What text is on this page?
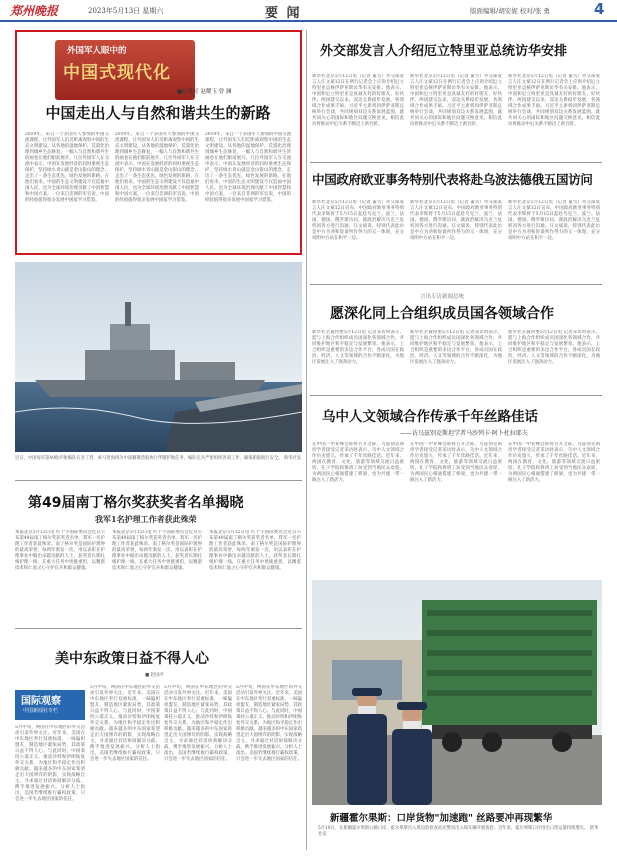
郑州晚报	2023年5月13日 星期六	要 闻	版面编辑/胡安妮 校对/张 勇	4
外国军人眼中的
中国式现代化
■赵豪亮 赵耀玉 曾 澜
中国走出人与自然和谐共生的新路
2019年，来自一个多国军人参加的中国交流课程，让外国军人们近距离观察中国的生态文明建设。从各地的湿地保护、荒漠化治理到城乡生态修复，一幅人与自然和谐共生的画卷在他们眼前展开。几位外国军人在交流中表示，中国在发展经济的同时重视生态保护，坚持绿水青山就是金山银山的理念，走出了一条生态优先、绿色发展的新路。在他们看来，中国的生态文明建设不仅造福中国人民，也为全球环境治理贡献了中国智慧和中国方案。一位来自非洲的军官说，中国的经验值得很多发展中国家学习借鉴。
2019年，来自一个多国军人参加的中国交流课程，让外国军人们近距离观察中国的生态文明建设。从各地的湿地保护、荒漠化治理到城乡生态修复，一幅人与自然和谐共生的画卷在他们眼前展开。几位外国军人在交流中表示，中国在发展经济的同时重视生态保护，坚持绿水青山就是金山银山的理念，走出了一条生态优先、绿色发展的新路。在他们看来，中国的生态文明建设不仅造福中国人民，也为全球环境治理贡献了中国智慧和中国方案。一位来自非洲的军官说，中国的经验值得很多发展中国家学习借鉴。
2019年，来自一个多国军人参加的中国交流课程，让外国军人们近距离观察中国的生态文明建设。从各地的湿地保护、荒漠化治理到城乡生态修复，一幅人与自然和谐共生的画卷在他们眼前展开。几位外国军人在交流中表示，中国在发展经济的同时重视生态保护，坚持绿水青山就是金山银山的理念，走出了一条生态优先、绿色发展的新路。在他们看来，中国的生态文明建设不仅造福中国人民，也为全球环境治理贡献了中国智慧和中国方案。一位来自非洲的军官说，中国的经验值得很多发展中国家学习借鉴。
外交部发言人介绍厄立特里亚总统访华安排
新华社北京5月12日电（记者 董雪）外交部发言人汪文斌12日在例行记者会上应询介绍厄立特里亚总统伊萨亚斯访华有关安排。他表示，中国和厄立特里亚是真诚友好的好朋友、好伙伴。两国建交以来，双边关系稳步发展，各领域合作成果丰硕。习近平主席将同伊萨亚斯总统举行会谈，共同规划双边关系发展蓝图，就共同关心的国际和地区问题交换意见。相信此访将推动中厄关系不断迈上新台阶。
新华社北京5月12日电（记者 董雪）外交部发言人汪文斌12日在例行记者会上应询介绍厄立特里亚总统伊萨亚斯访华有关安排。他表示，中国和厄立特里亚是真诚友好的好朋友、好伙伴。两国建交以来，双边关系稳步发展，各领域合作成果丰硕。习近平主席将同伊萨亚斯总统举行会谈，共同规划双边关系发展蓝图，就共同关心的国际和地区问题交换意见。相信此访将推动中厄关系不断迈上新台阶。
新华社北京5月12日电（记者 董雪）外交部发言人汪文斌12日在例行记者会上应询介绍厄立特里亚总统伊萨亚斯访华有关安排。他表示，中国和厄立特里亚是真诚友好的好朋友、好伙伴。两国建交以来，双边关系稳步发展，各领域合作成果丰硕。习近平主席将同伊萨亚斯总统举行会谈，共同规划双边关系发展蓝图，就共同关心的国际和地区问题交换意见。相信此访将推动中厄关系不断迈上新台阶。
中国政府欧亚事务特别代表将赴乌波法德俄五国访问
新华社北京5月12日电（记者 董雪）外交部发言人汪文斌12日宣布，中国政府欧亚事务特别代表李辉将于5月15日起赴乌克兰、波兰、法国、德国、俄罗斯访问，就政治解决乌克兰危机同各方进行沟通。汪文斌说，特别代表此访是中方为劝和促谈所作努力的又一体现，充分说明中方站在和平一边。
新华社北京5月12日电（记者 董雪）外交部发言人汪文斌12日宣布，中国政府欧亚事务特别代表李辉将于5月15日起赴乌克兰、波兰、法国、德国、俄罗斯访问，就政治解决乌克兰危机同各方进行沟通。汪文斌说，特别代表此访是中方为劝和促谈所作努力的又一体现，充分说明中方站在和平一边。
新华社北京5月12日电（记者 董雪）外交部发言人汪文斌12日宣布，中国政府欧亚事务特别代表李辉将于5月15日起赴乌克兰、波兰、法国、德国、俄罗斯访问，就政治解决乌克兰危机同各方进行沟通。汪文斌说，特别代表此访是中方为劝和促谈所作努力的又一体现，充分说明中方站在和平一边。
言出专访新闻总统
愿深化同上合组织成员国各领域合作
新华社圣彼得堡5月12日电 记者采访时表示，愿与上海合作组织成员国深化各领域合作，共同维护地区和平稳定与发展繁荣。他表示，上合组织是重要的多边合作平台，各成员国在政治、经济、人文等领域的合作不断深化，为地区发展注入了强劲动力。
新华社圣彼得堡5月12日电 记者采访时表示，愿与上海合作组织成员国深化各领域合作，共同维护地区和平稳定与发展繁荣。他表示，上合组织是重要的多边合作平台，各成员国在政治、经济、人文等领域的合作不断深化，为地区发展注入了强劲动力。
新华社圣彼得堡5月12日电 记者采访时表示，愿与上海合作组织成员国深化各领域合作，共同维护地区和平稳定与发展繁荣。他表示，上合组织是重要的多边合作平台，各成员国在政治、经济、人文等领域的合作不断深化，为地区发展注入了强劲动力。
乌中人文领域合作传承千年丝路佳话
——访乌兹别克斯坦学者马沙列卡·阿卜杜拉耶夫
在中国一中亚峰会即将召开之际，乌兹别克斯坦学者接受记者采访时表示，乌中人文领域合作历史悠久，传承了千年丝路佳话。近年来，两国在教育、文化、旅游等领域交流日益密切，孔子学院和鲁班工坊受到当地民众欢迎，为两国民心相通搭建了桥梁，也为共建一带一路注入了新活力。
在中国一中亚峰会即将召开之际，乌兹别克斯坦学者接受记者采访时表示，乌中人文领域合作历史悠久，传承了千年丝路佳话。近年来，两国在教育、文化、旅游等领域交流日益密切，孔子学院和鲁班工坊受到当地民众欢迎，为两国民心相通搭建了桥梁，也为共建一带一路注入了新活力。
在中国一中亚峰会即将召开之际，乌兹别克斯坦学者接受记者采访时表示，乌中人文领域合作历史悠久，传承了千年丝路佳话。近年来，两国在教育、文化、旅游等领域交流日益密切，孔子学院和鲁班工坊受到当地民众欢迎，为两国民心相通搭建了桥梁，也为共建一带一路注入了新活力。
近日，中国海军第49批护航编队在亚丁湾、索马里海域为中国籍散货船执行伴随护航任务，编队官兵严密组织各项工作，确保船舶航行安全。 新华社发
第49届南丁格尔奖获奖者名单揭晓
我军1名护理工作者获此殊荣
本报北京5月12日电 红十字国际委员会近日公布第49届南丁格尔奖获奖者名单，我军一名护理工作者获此殊荣。南丁格尔奖是国际护理界的最高荣誉，每两年颁发一次，用以表彰在护理事业中做出卓越贡献的人士。获奖者长期扎根护理一线，在重大任务中勇挑重担，以精湛技术和仁爱之心守护官兵和群众健康。
本报北京5月12日电 红十字国际委员会近日公布第49届南丁格尔奖获奖者名单，我军一名护理工作者获此殊荣。南丁格尔奖是国际护理界的最高荣誉，每两年颁发一次，用以表彰在护理事业中做出卓越贡献的人士。获奖者长期扎根护理一线，在重大任务中勇挑重担，以精湛技术和仁爱之心守护官兵和群众健康。
本报北京5月12日电 红十字国际委员会近日公布第49届南丁格尔奖获奖者名单，我军一名护理工作者获此殊荣。南丁格尔奖是国际护理界的最高荣誉，每两年颁发一次，用以表彰在护理事业中做出卓越贡献的人士。获奖者长期扎根护理一线，在重大任务中勇挑重担，以精湛技术和仁爱之心守护官兵和群众健康。
美中东政策日益不得人心
■ 赵国平
国际观察
中国新闻社专栏
5月中旬，两国在中东地区的外交活动引发外界关注。近年来，美国在中东地区奉行双重标准，一味偏袒盟友，制造地区紧张局势，其政策日益不得人心。与此同时，中国秉持公道正义，推动沙特和伊朗恢复外交关系，为地区和平稳定作出积极贡献。越来越多的中东国家希望走出大国博弈的阴影，实现战略自主，寻求通过对话协商解决分歧，携手推进发展振兴。分析人士指出，美国若继续推行霸权政策，只会进一步失去地区国家的信任。
5月中旬，两国在中东地区的外交活动引发外界关注。近年来，美国在中东地区奉行双重标准，一味偏袒盟友，制造地区紧张局势，其政策日益不得人心。与此同时，中国秉持公道正义，推动沙特和伊朗恢复外交关系，为地区和平稳定作出积极贡献。越来越多的中东国家希望走出大国博弈的阴影，实现战略自主，寻求通过对话协商解决分歧，携手推进发展振兴。分析人士指出，美国若继续推行霸权政策，只会进一步失去地区国家的信任。
5月中旬，两国在中东地区的外交活动引发外界关注。近年来，美国在中东地区奉行双重标准，一味偏袒盟友，制造地区紧张局势，其政策日益不得人心。与此同时，中国秉持公道正义，推动沙特和伊朗恢复外交关系，为地区和平稳定作出积极贡献。越来越多的中东国家希望走出大国博弈的阴影，实现战略自主，寻求通过对话协商解决分歧，携手推进发展振兴。分析人士指出，美国若继续推行霸权政策，只会进一步失去地区国家的信任。
5月中旬，两国在中东地区的外交活动引发外界关注。近年来，美国在中东地区奉行双重标准，一味偏袒盟友，制造地区紧张局势，其政策日益不得人心。与此同时，中国秉持公道正义，推动沙特和伊朗恢复外交关系，为地区和平稳定作出积极贡献。越来越多的中东国家希望走出大国博弈的阴影，实现战略自主，寻求通过对话协商解决分歧，携手推进发展振兴。分析人士指出，美国若继续推行霸权政策，只会进一步失去地区国家的信任。
新疆霍尔果斯：口岸货物"加速跑" 丝路要冲再现繁华
5月10日，在新疆霍尔果斯公路口岸，霍尔果斯出入境边防检查站民警对出入境车辆开展查验。近年来，霍尔果斯口岸进出口货运量持续增长。 新华社发
